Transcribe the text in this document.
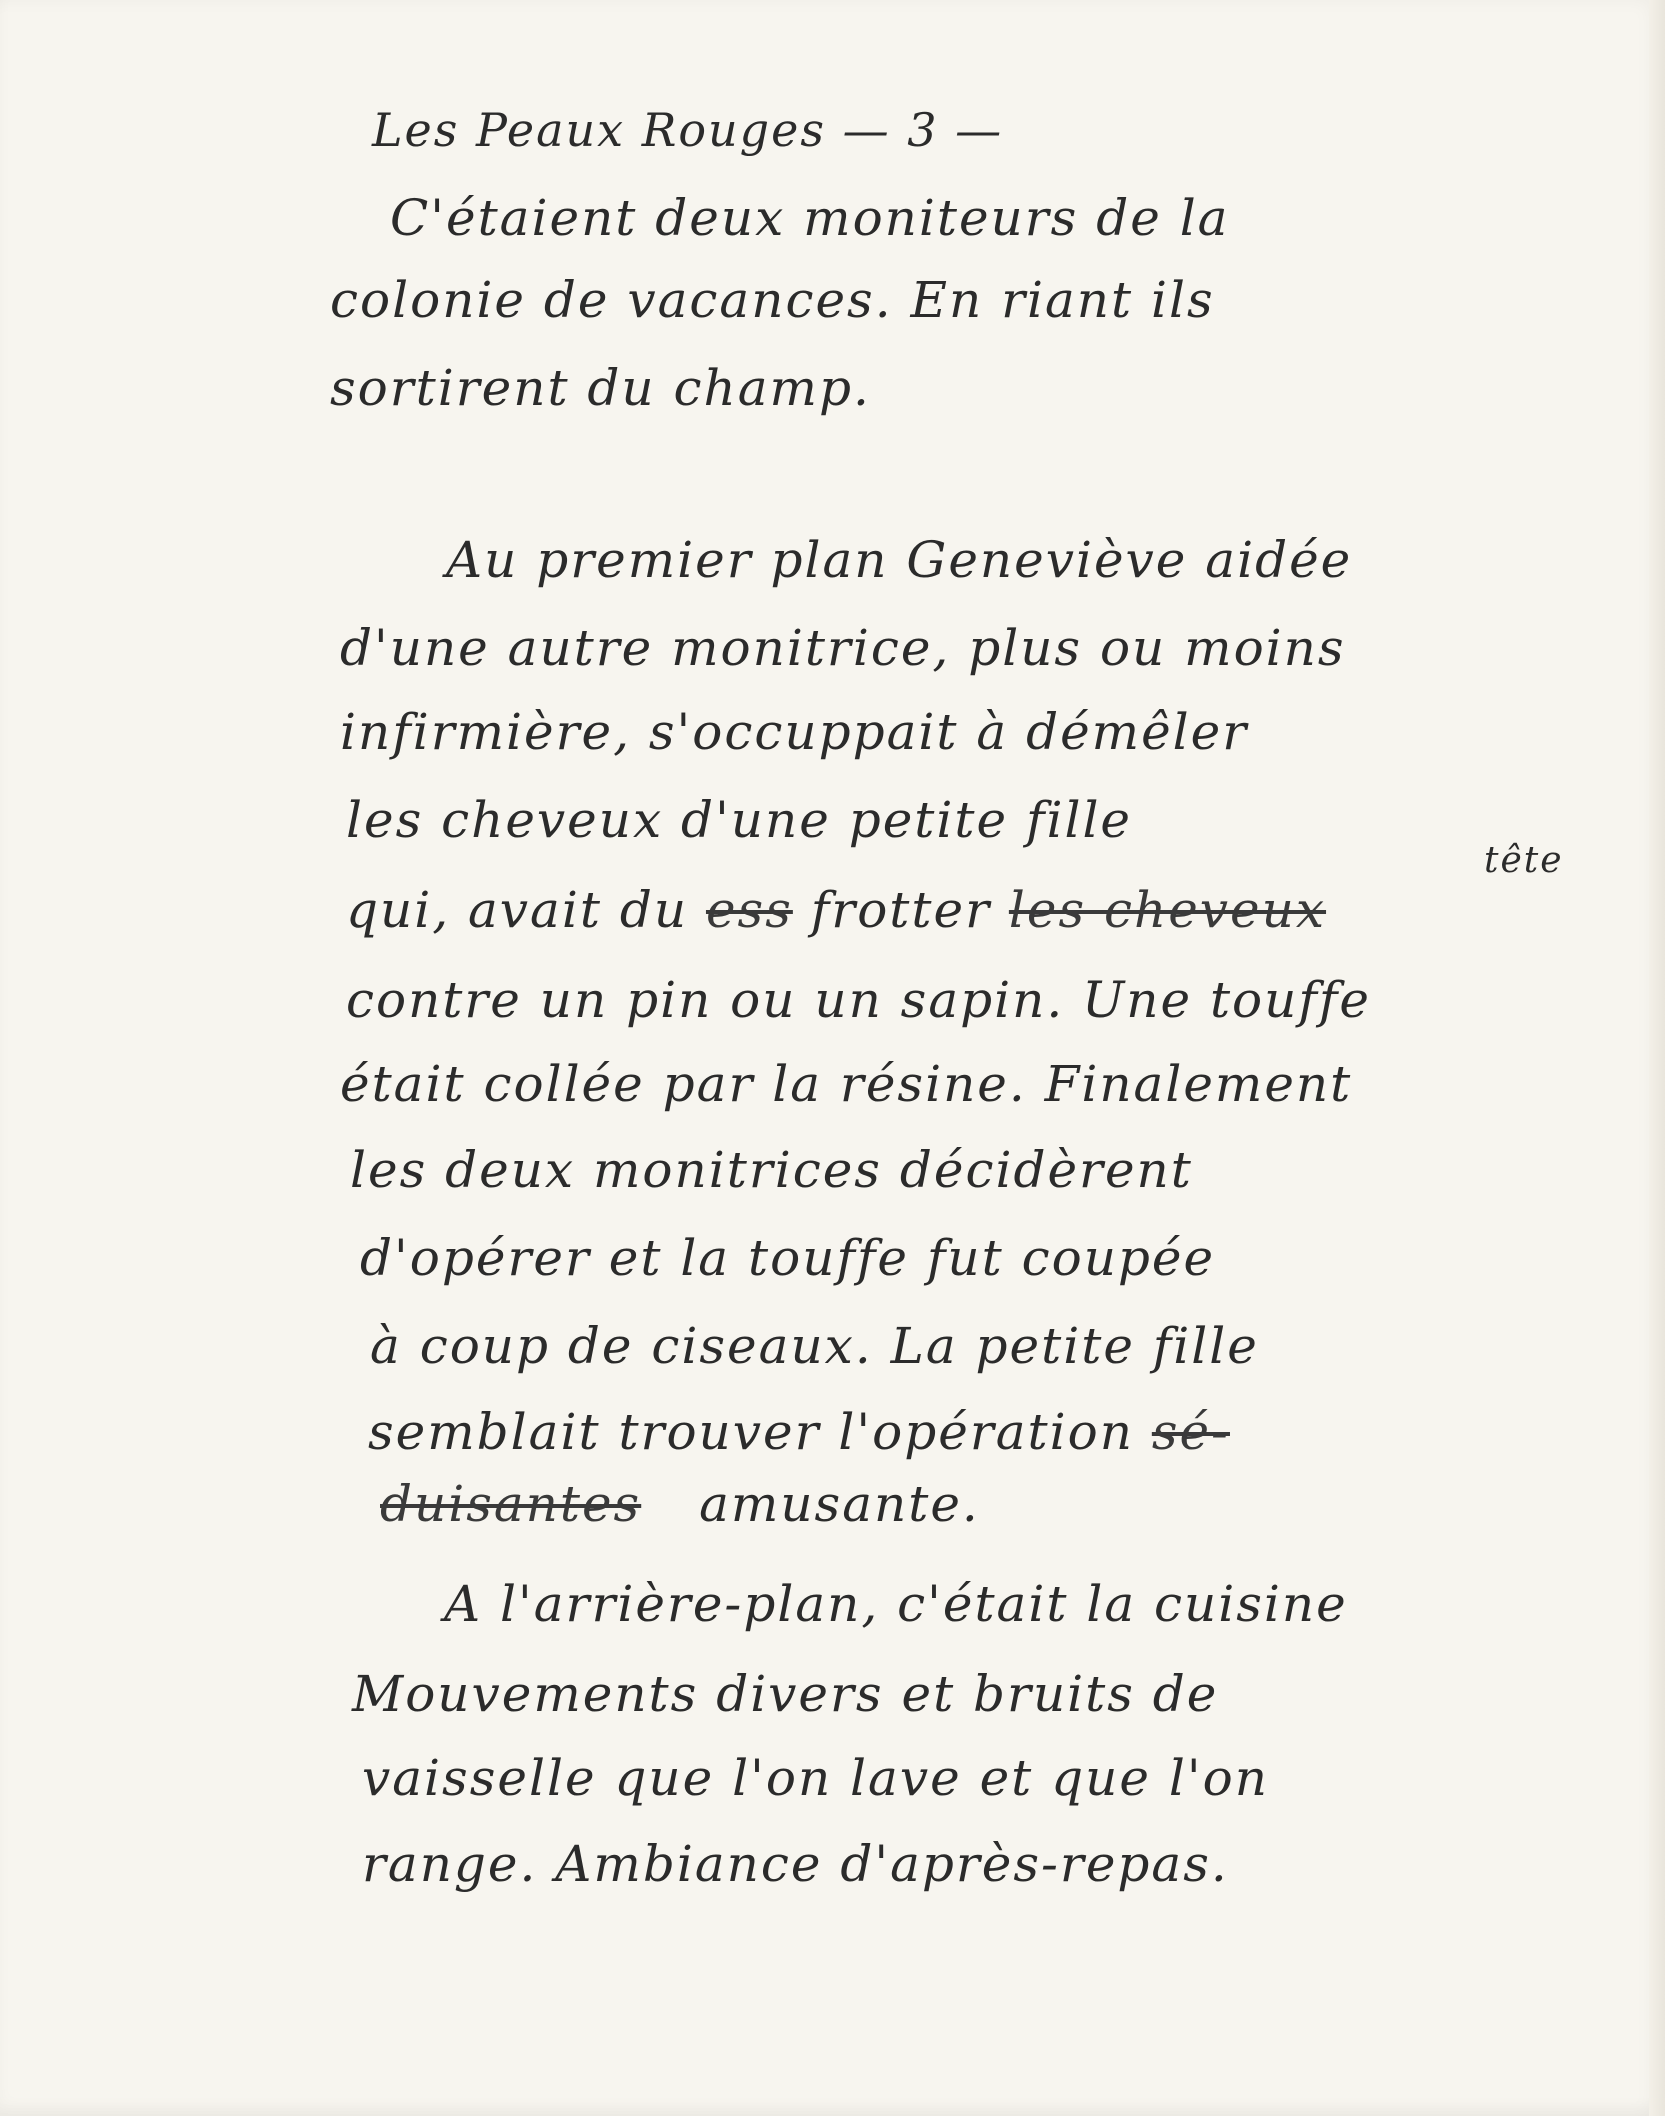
Les Peaux Rouges — 3 —
C'étaient deux moniteurs de la
colonie de vacances. En riant ils
sortirent du champ.
Au premier plan Geneviève aidée
d'une autre monitrice, plus ou moins
infirmière, s'occuppait à démêler
les cheveux d'une petite fille
tête
qui, avait du ess frotter les cheveux
contre un pin ou un sapin. Une touffe
était collée par la résine. Finalement
les deux monitrices décidèrent
d'opérer et la touffe fut coupée
à coup de ciseaux. La petite fille
semblait trouver l'opération sé-
duisantes amusante.
A l'arrière-plan, c'était la cuisine
Mouvements divers et bruits de
vaisselle que l'on lave et que l'on
range. Ambiance d'après-repas.
